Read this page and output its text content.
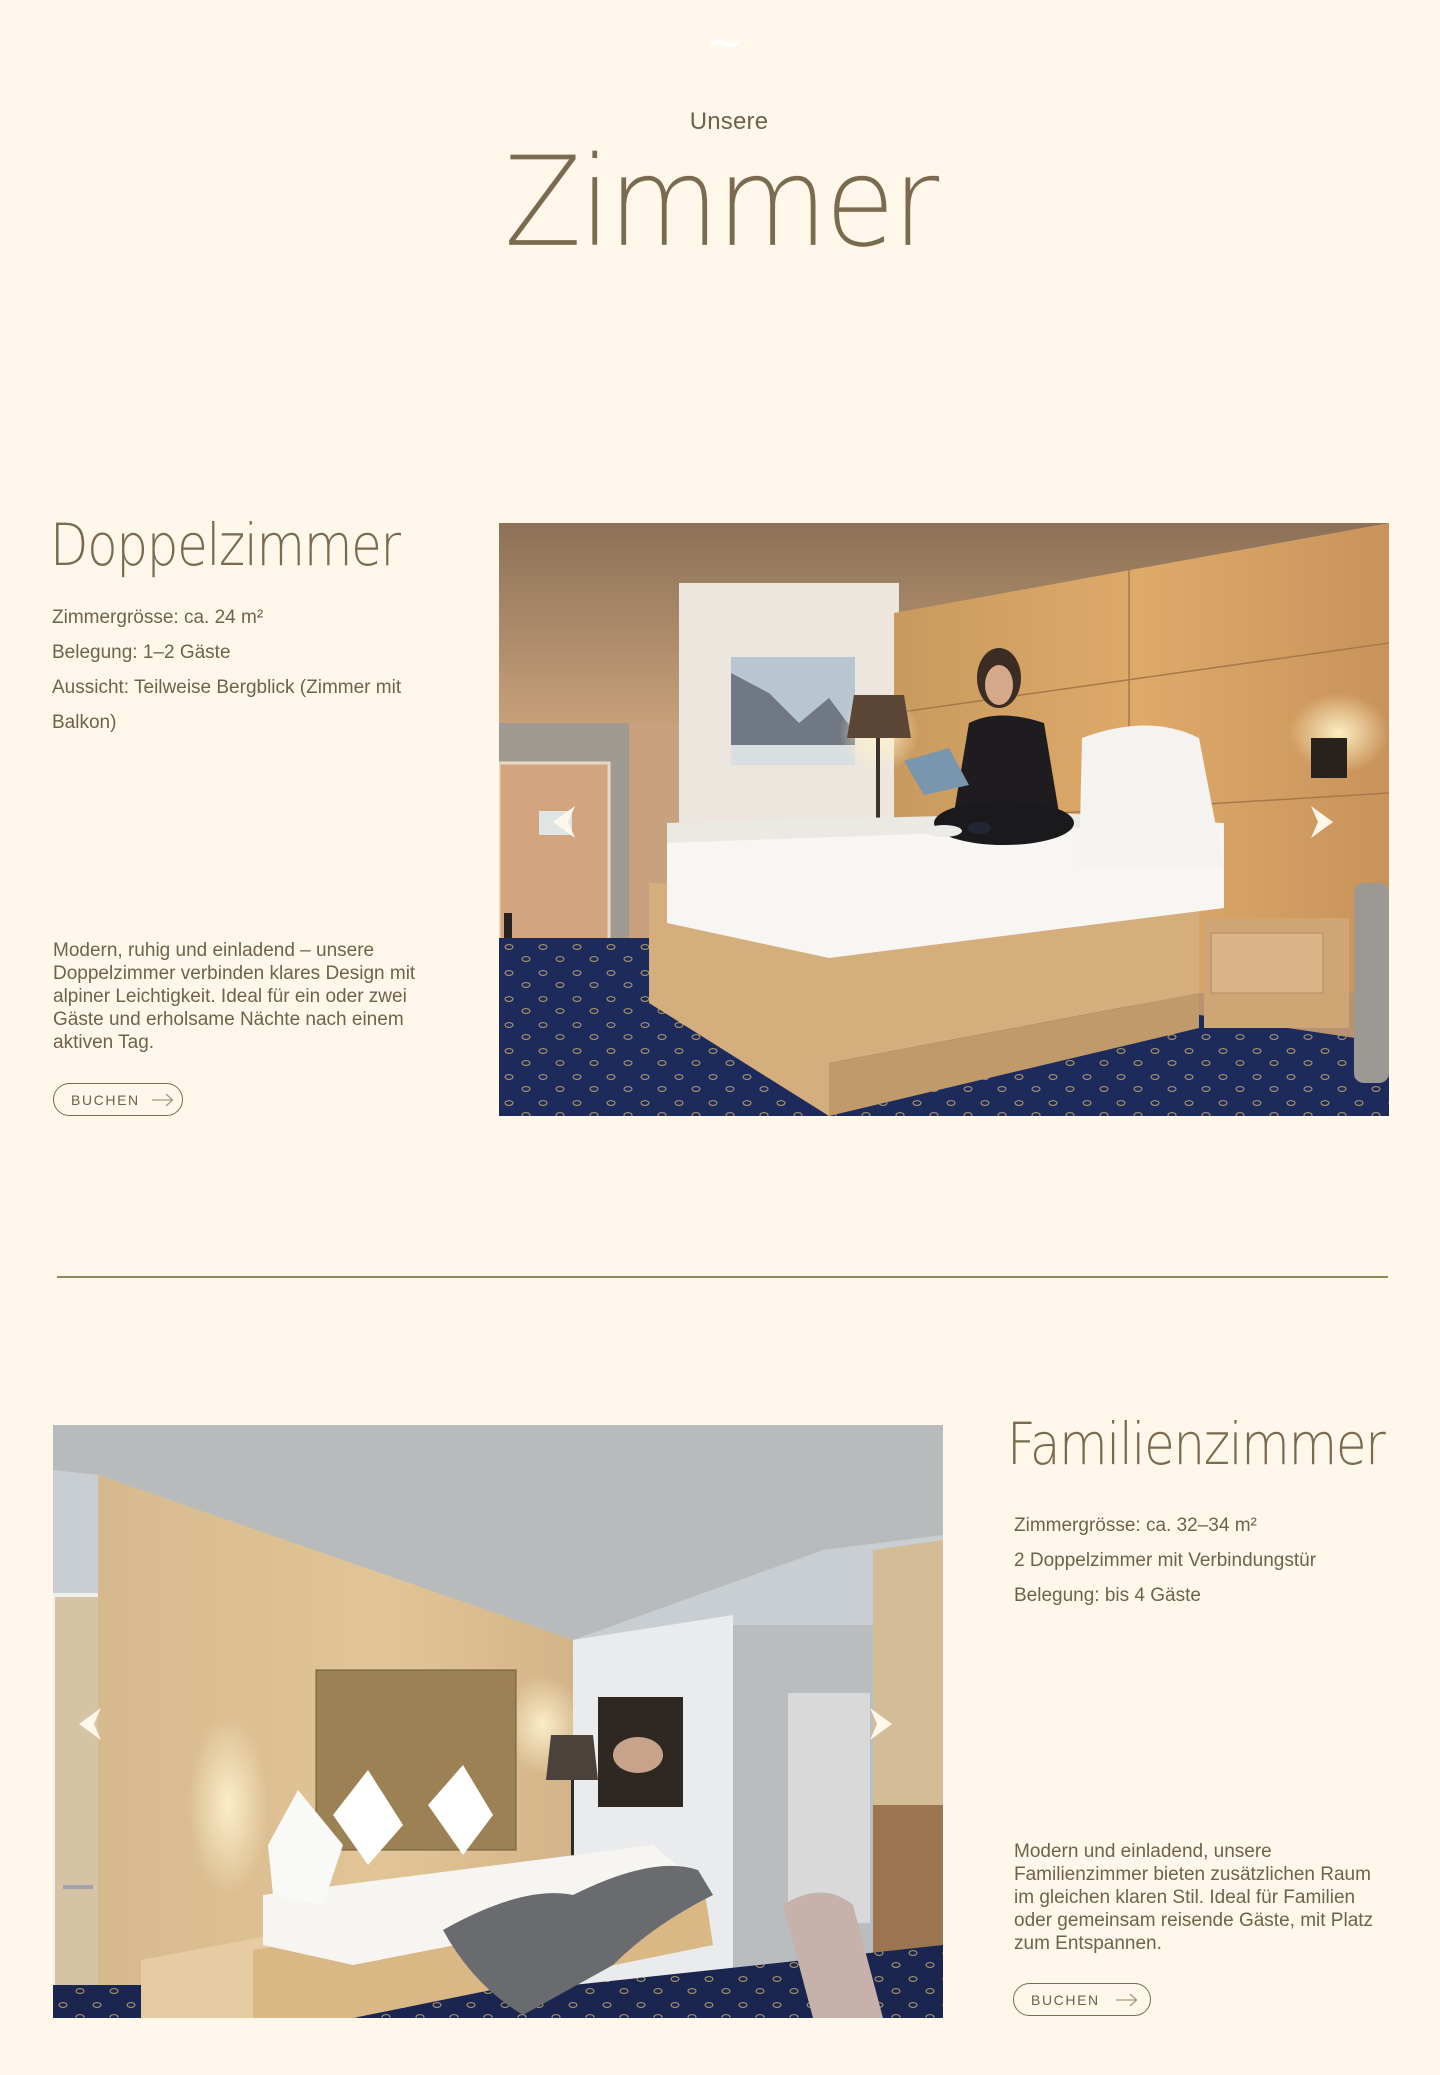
~
Unsere
Zimmer
Doppelzimmer
Zimmergrösse: ca. 24 m²
Belegung: 1–2 Gäste
Aussicht: Teilweise Bergblick (Zimmer mit Balkon)

Modern, ruhig und einladend – unsere Doppelzimmer verbinden klares Design mit alpiner Leichtigkeit. Ideal für ein oder zwei Gäste und erholsame Nächte nach einem aktiven Tag.

BUCHEN
Familienzimmer
Zimmergrösse: ca. 32–34 m²
2 Doppelzimmer mit Verbindungstür
Belegung: bis 4 Gäste

Modern und einladend, unsere Familienzimmer bieten zusätzlichen Raum im gleichen klaren Stil. Ideal für Familien oder gemeinsam reisende Gäste, mit Platz zum Entspannen.

BUCHEN
